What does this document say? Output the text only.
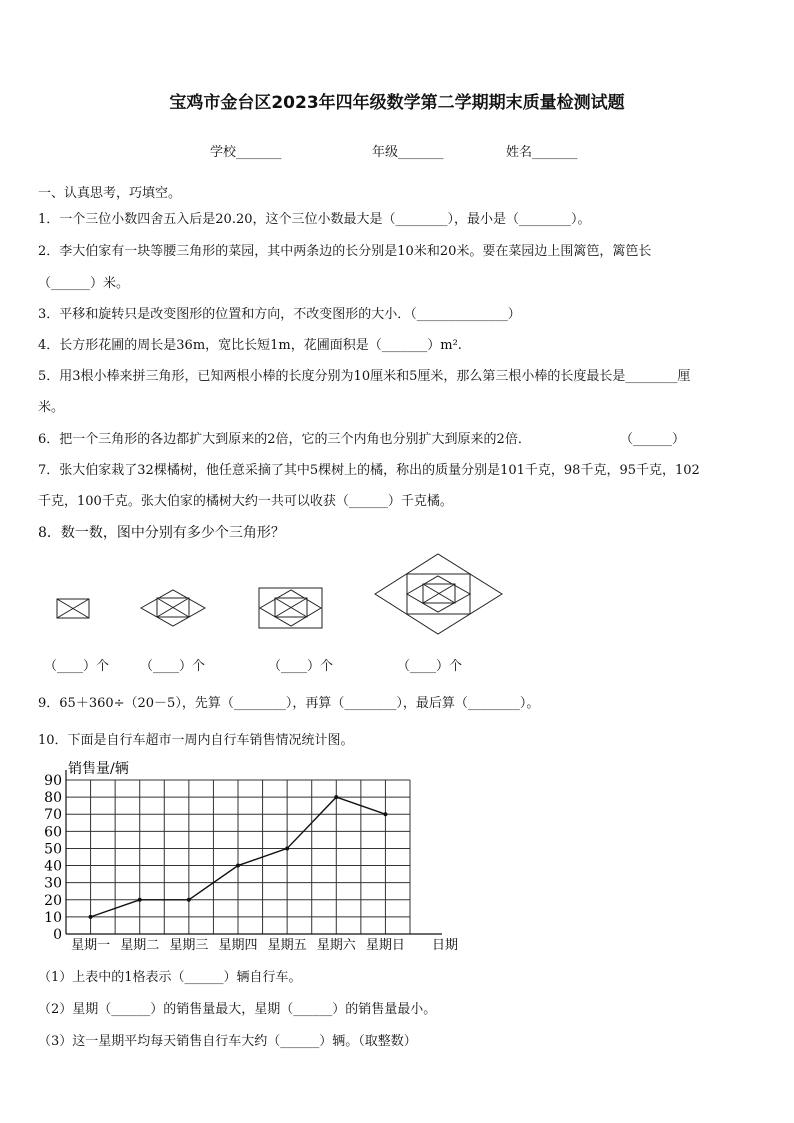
宝鸡市金台区2023年四年级数学第二学期期末质量检测试题
学校_______	年级_______	姓名_______
一、认真思考，巧填空。
1．一个三位小数四舍五入后是20.20，这个三位小数最大是（________），最小是（________）。
2．李大伯家有一块等腰三角形的菜园，其中两条边的长分别是10米和20米。要在菜园边上围篱笆，篱笆长
（______）米。
3．平移和旋转只是改变图形的位置和方向，不改变图形的大小．（______________）
4．长方形花圃的周长是36m，宽比长短1m，花圃面积是（_______）m².
5．用3根小棒来拼三角形，已知两根小棒的长度分别为10厘米和5厘米，那么第三根小棒的长度最长是________厘
米。
6．把一个三角形的各边都扩大到原来的2倍，它的三个内角也分别扩大到原来的2倍．	（______）
7．张大伯家栽了32棵橘树，他任意采摘了其中5棵树上的橘，称出的质量分别是101千克，98千克，95千克，102
千克，100千克。张大伯家的橘树大约一共可以收获（______）千克橘。
8．数一数，图中分别有多少个三角形？
（____）个 （____）个	（____）个	（____）个
9．65＋360÷（20－5），先算（________），再算（________），最后算（________）。
10．下面是自行车超市一周内自行车销售情况统计图。
0
10
20
30
40
50
60
70
80
90
销售量/辆
星期一 星期二 星期三 星期四 星期五 星期六 星期日 日期
（1）上表中的1格表示（______）辆自行车。
（2）星期（______）的销售量最大，星期（______）的销售量最小。
（3）这一星期平均每天销售自行车大约（______）辆。（取整数）
